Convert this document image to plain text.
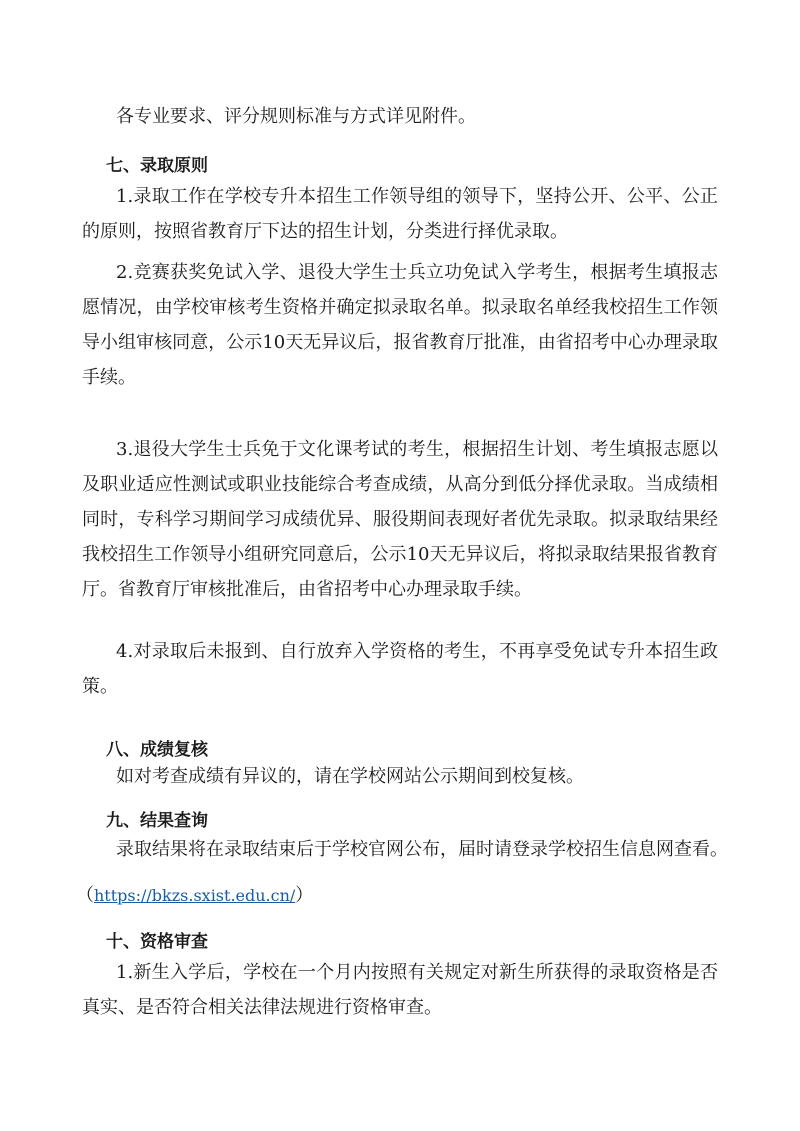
各专业要求、评分规则标准与方式详见附件。
七、录取原则
1.录取工作在学校专升本招生工作领导组的领导下，坚持公开、公平、公正的原则，按照省教育厅下达的招生计划，分类进行择优录取。
2.竞赛获奖免试入学、退役大学生士兵立功免试入学考生，根据考生填报志愿情况，由学校审核考生资格并确定拟录取名单。拟录取名单经我校招生工作领导小组审核同意，公示10天无异议后，报省教育厅批准，由省招考中心办理录取手续。
3.退役大学生士兵免于文化课考试的考生，根据招生计划、考生填报志愿以及职业适应性测试或职业技能综合考查成绩，从高分到低分择优录取。当成绩相同时，专科学习期间学习成绩优异、服役期间表现好者优先录取。拟录取结果经我校招生工作领导小组研究同意后，公示10天无异议后，将拟录取结果报省教育厅。省教育厅审核批准后，由省招考中心办理录取手续。
4.对录取后未报到、自行放弃入学资格的考生，不再享受免试专升本招生政策。
八、成绩复核
如对考查成绩有异议的，请在学校网站公示期间到校复核。
九、结果查询
录取结果将在录取结束后于学校官网公布，届时请登录学校招生信息网查看。
（https://bkzs.sxist.edu.cn/）
十、资格审查
1.新生入学后，学校在一个月内按照有关规定对新生所获得的录取资格是否真实、是否符合相关法律法规进行资格审查。
